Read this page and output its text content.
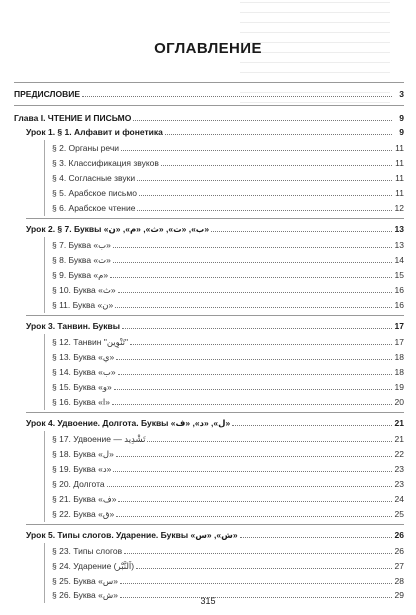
ОГЛАВЛЕНИЕ
ПРЕДИСЛОВИЕ	3
Глава I. ЧТЕНИЕ И ПИСЬМО	9
Урок 1. § 1. Алфавит и фонетика	9
§ 2. Органы речи	11
§ 3. Классификация звуков	11
§ 4. Согласные звуки	11
§ 5. Арабское письмо	11
§ 6. Арабское чтение	12
Урок 2. § 7. Буквы «ب», «ت», «ث», «م», «ن»	13
§ 7. Буква «ب»	13
§ 8. Буква «ت»	14
§ 9. Буква «م»	15
§ 10. Буква «ث»	16
§ 11. Буква «ن»	16
Урок 3. Танвин. Буквы	17
§ 12. Танвин "تَنْوِين"	17
§ 13. Буква «ي»	18
§ 14. Буква «ب»	18
§ 15. Буква «و»	19
§ 16. Буква «ا»	20
Урок 4. Удвоение. Долгота. Буквы «ل», «د», «ف»	21
§ 17. Удвоение — تَشْدِيد	21
§ 18. Буква «ل»	22
§ 19. Буква «د»	23
§ 20. Долгота	23
§ 21. Буква «ف»	24
§ 22. Буква «ق»	25
Урок 5. Типы слогов. Ударение. Буквы «ش», «س»	26
§ 23. Типы слогов	26
§ 24. Ударение (اَلنَّبْر)	27
§ 25. Буква «س»	28
§ 26. Буква «ش»	29
315
